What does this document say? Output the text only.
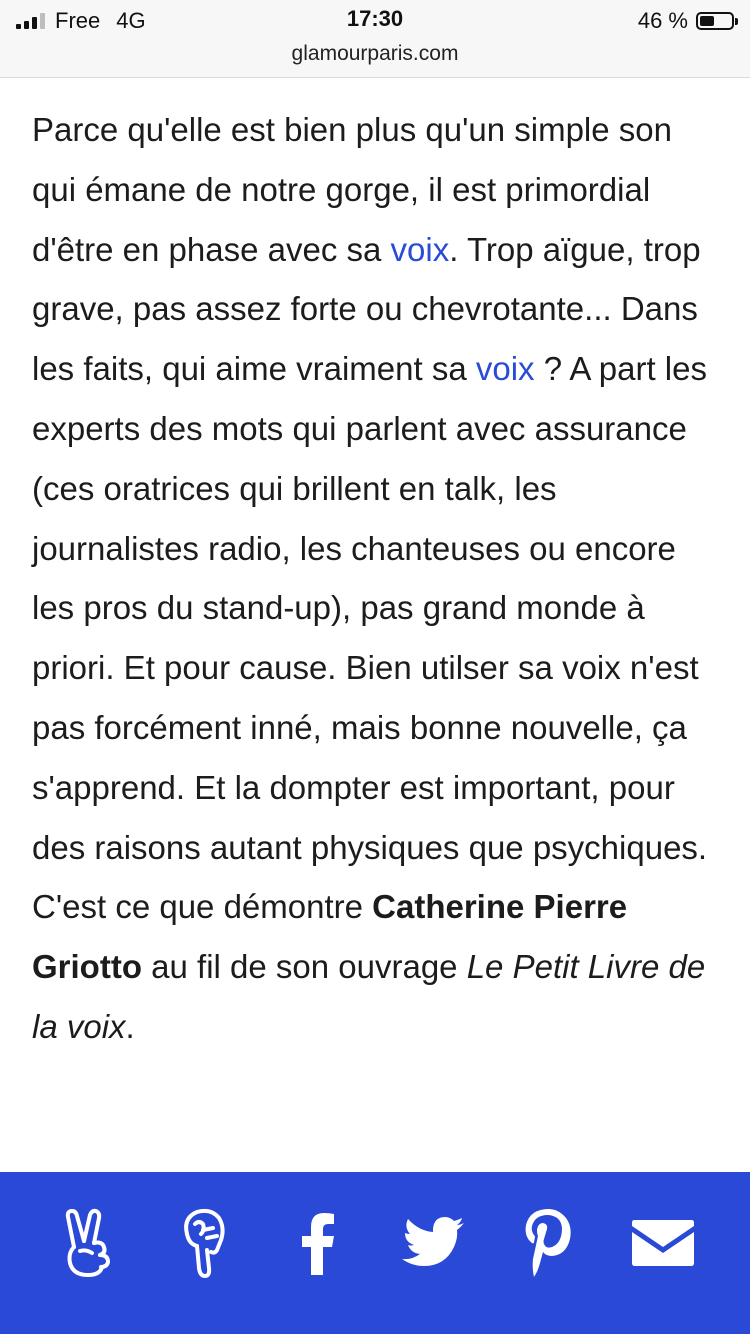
Free 4G	17:30	46 %
glamourparis.com
Parce qu'elle est bien plus qu'un simple son qui émane de notre gorge, il est primordial d'être en phase avec sa voix. Trop aïgue, trop grave, pas assez forte ou chevrotante... Dans les faits, qui aime vraiment sa voix ? A part les experts des mots qui parlent avec assurance (ces oratrices qui brillent en talk, les journalistes radio, les chanteuses ou encore les pros du stand-up), pas grand monde à priori. Et pour cause. Bien utilser sa voix n'est pas forcément inné, mais bonne nouvelle, ça s'apprend. Et la dompter est important, pour des raisons autant physiques que psychiques. C'est ce que démontre Catherine Pierre Griotto au fil de son ouvrage Le Petit Livre de la voix.
